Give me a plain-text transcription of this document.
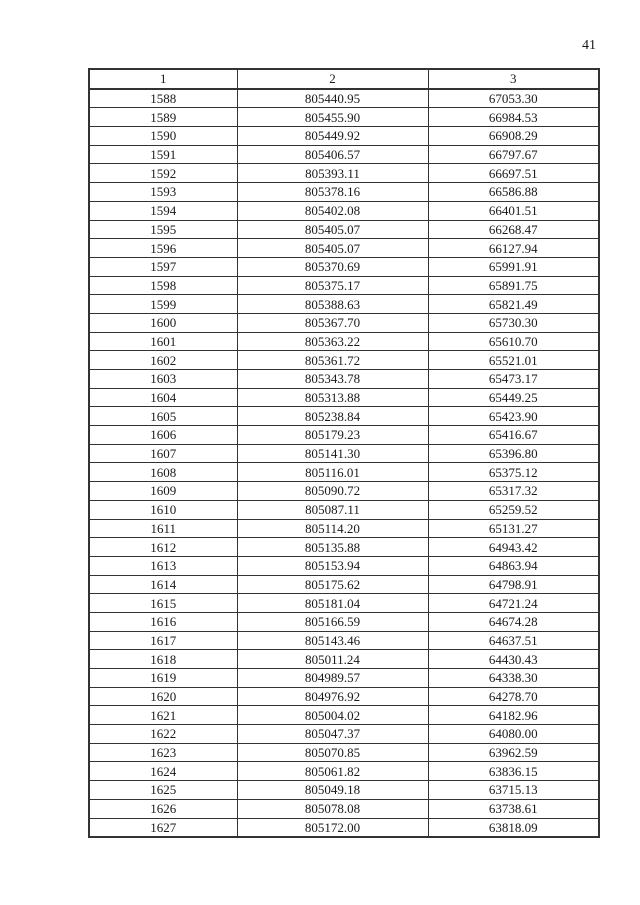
41
1	2	3
1588	805440.95	67053.30
1589	805455.90	66984.53
1590	805449.92	66908.29
1591	805406.57	66797.67
1592	805393.11	66697.51
1593	805378.16	66586.88
1594	805402.08	66401.51
1595	805405.07	66268.47
1596	805405.07	66127.94
1597	805370.69	65991.91
1598	805375.17	65891.75
1599	805388.63	65821.49
1600	805367.70	65730.30
1601	805363.22	65610.70
1602	805361.72	65521.01
1603	805343.78	65473.17
1604	805313.88	65449.25
1605	805238.84	65423.90
1606	805179.23	65416.67
1607	805141.30	65396.80
1608	805116.01	65375.12
1609	805090.72	65317.32
1610	805087.11	65259.52
1611	805114.20	65131.27
1612	805135.88	64943.42
1613	805153.94	64863.94
1614	805175.62	64798.91
1615	805181.04	64721.24
1616	805166.59	64674.28
1617	805143.46	64637.51
1618	805011.24	64430.43
1619	804989.57	64338.30
1620	804976.92	64278.70
1621	805004.02	64182.96
1622	805047.37	64080.00
1623	805070.85	63962.59
1624	805061.82	63836.15
1625	805049.18	63715.13
1626	805078.08	63738.61
1627	805172.00	63818.09
